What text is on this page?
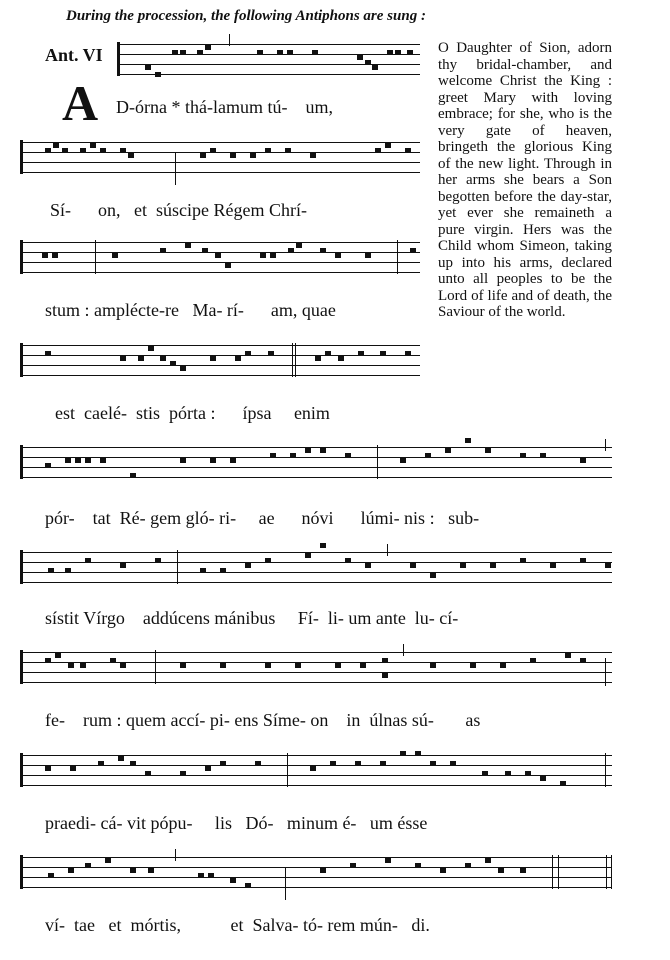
During the procession, the following Antiphons are sung :
Ant. VI
A D-órna * thá-lamum tú-    um,
Sí-      on,   et  súscipe Régem Chrí-
stum : amplécte-re   Ma- rí-      am, quae
est  caelé-  stis  pórta :      ípsa     enim
O Daughter of Sion, adorn thy bridal-chamber, and welcome Christ the King : greet Mary with loving embrace; for she, who is the very gate of heaven, bringeth the glorious King of the new light. Through in her arms she bears a Son begotten before the day-star, yet ever she remaineth a pure virgin. Hers was the Child whom Simeon, taking up into his arms, declared unto all peoples to be the Lord of life and of death, the Saviour of the world.
pór-    tat  Ré- gem gló- ri-     ae      nóvi      lúmi- nis :   sub-
sístit Vírgo    addúcens mánibus     Fí-  li- um ante  lu- cí-
fe-    rum : quem accí- pi- ens Síme- on    in  úlnas sú-       as
praedi- cá- vit pópu-     lis   Dó-   minum é-   um ésse
ví-  tae   et  mórtis,           et  Salva- tó- rem mún-   di.
